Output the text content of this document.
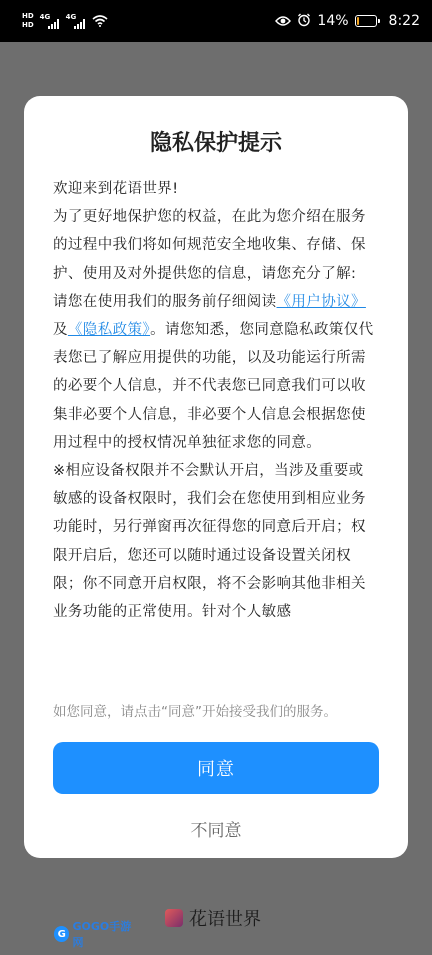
HD
HD
4G 4G	14%	8:22
隐私保护提示

欢迎来到花语世界!

为了更好地保护您的权益，在此为您介绍在服务的过程中我们将如何规范安全地收集、存储、保护、使用及对外提供您的信息，请您充分了解:

请您在使用我们的服务前仔细阅读《用户协议》及《隐私政策》。请您知悉，您同意隐私政策仅代表您已了解应用提供的功能，以及功能运行所需的必要个人信息，并不代表您已同意我们可以收集非必要个人信息，非必要个人信息会根据您使用过程中的授权情况单独征求您的同意。

※相应设备权限并不会默认开启，当涉及重要或敏感的设备权限时，我们会在您使用到相应业务功能时，另行弹窗再次征得您的同意后开启；权限开启后，您还可以随时通过设备设置关闭权限；你不同意开启权限，将不会影响其他非相关业务功能的正常使用。针对个人敏感

如您同意，请点击“同意”开始接受我们的服务。
同意
不同意
花语世界
G
GOGO手游网
